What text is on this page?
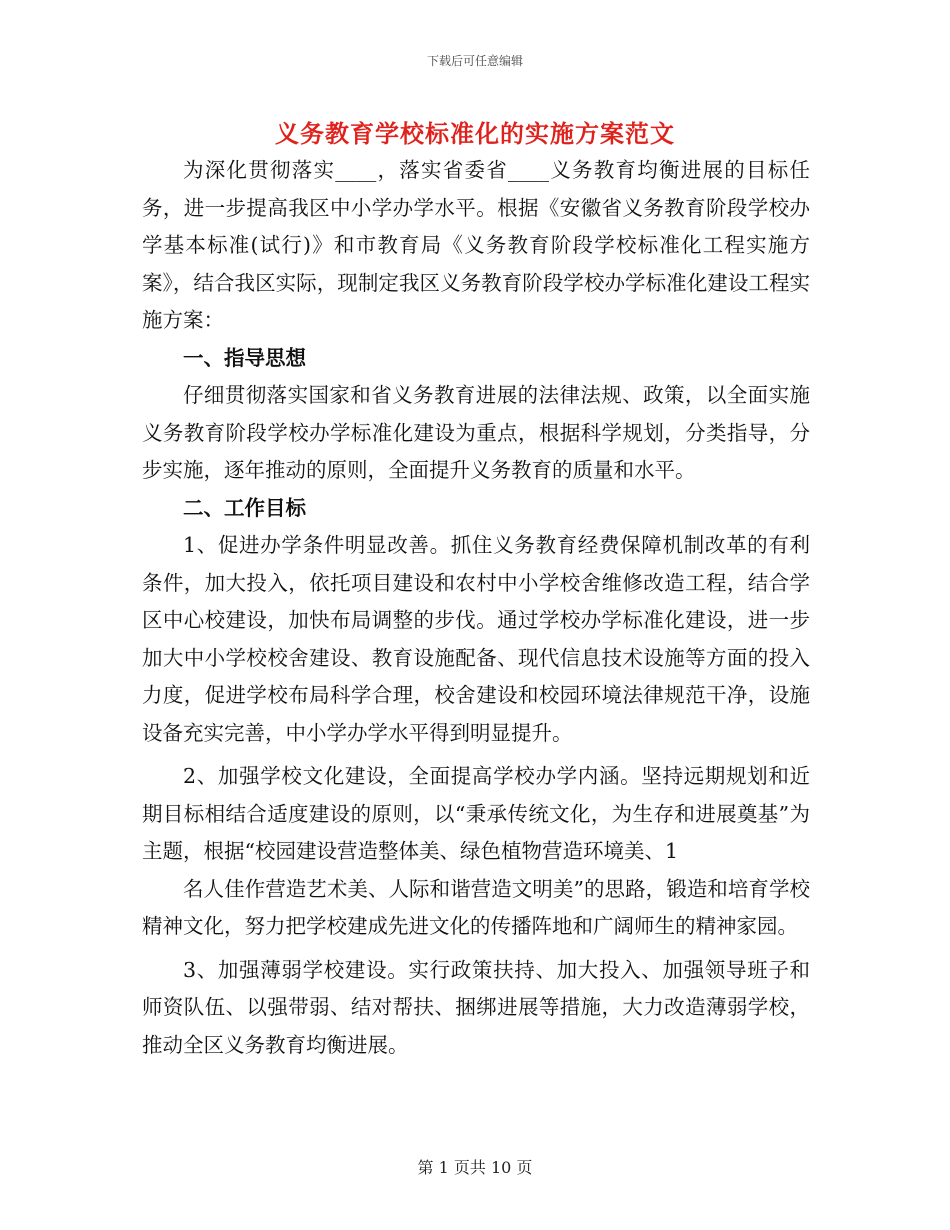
下载后可任意编辑
义务教育学校标准化的实施方案范文

为深化贯彻落实____，落实省委省____义务教育均衡进展的目标任务，进一步提高我区中小学办学水平。根据《安徽省义务教育阶段学校办学基本标准(试行)》和市教育局《义务教育阶段学校标准化工程实施方案》，结合我区实际，现制定我区义务教育阶段学校办学标准化建设工程实施方案：

一、指导思想

仔细贯彻落实国家和省义务教育进展的法律法规、政策，以全面实施义务教育阶段学校办学标准化建设为重点，根据科学规划，分类指导，分步实施，逐年推动的原则，全面提升义务教育的质量和水平。

二、工作目标

1、促进办学条件明显改善。抓住义务教育经费保障机制改革的有利条件，加大投入，依托项目建设和农村中小学校舍维修改造工程，结合学区中心校建设，加快布局调整的步伐。通过学校办学标准化建设，进一步加大中小学校校舍建设、教育设施配备、现代信息技术设施等方面的投入力度，促进学校布局科学合理，校舍建设和校园环境法律规范干净，设施设备充实完善，中小学办学水平得到明显提升。

2、加强学校文化建设，全面提高学校办学内涵。坚持远期规划和近期目标相结合适度建设的原则，以“秉承传统文化，为生存和进展奠基”为主题，根据“校园建设营造整体美、绿色植物营造环境美、1

名人佳作营造艺术美、人际和谐营造文明美”的思路，锻造和培育学校精神文化，努力把学校建成先进文化的传播阵地和广阔师生的精神家园。

3、加强薄弱学校建设。实行政策扶持、加大投入、加强领导班子和师资队伍、以强带弱、结对帮扶、捆绑进展等措施，大力改造薄弱学校，推动全区义务教育均衡进展。

第 1 页共 10 页
